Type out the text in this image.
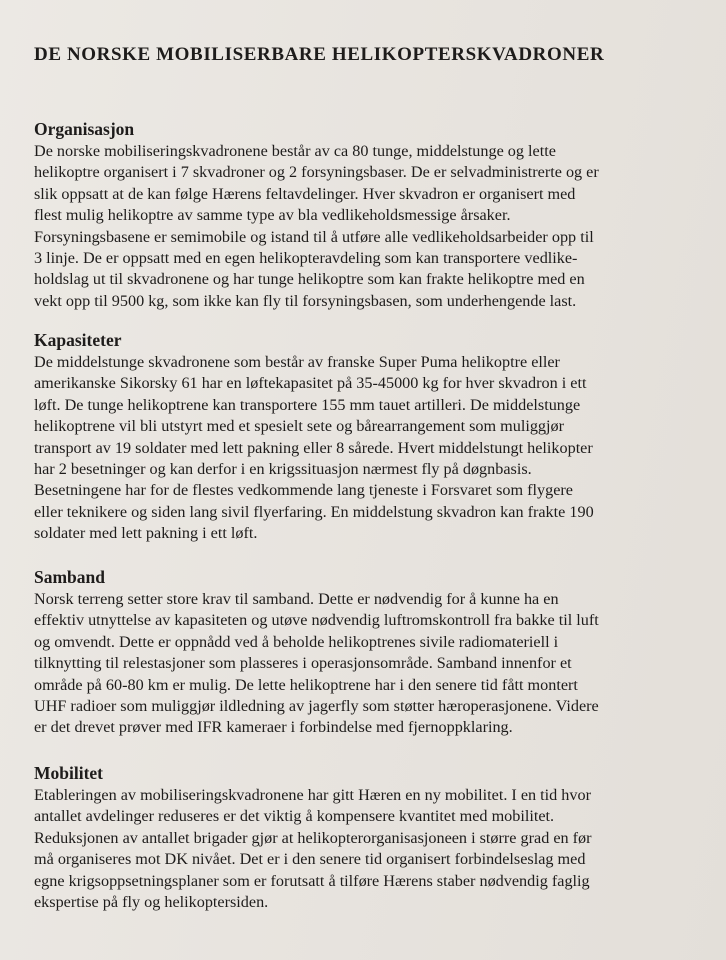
DE NORSKE MOBILISERBARE HELIKOPTERSKVADRONER
Organisasjon

De norske mobiliseringskvadronene består av ca 80 tunge, middelstunge og lette
helikoptre organisert i 7 skvadroner og 2 forsyningsbaser. De er selvadministrerte og er
slik oppsatt at de kan følge Hærens feltavdelinger. Hver skvadron er organisert med
flest mulig helikoptre av samme type av bla vedlikeholdsmessige årsaker.
Forsyningsbasene er semimobile og istand til å utføre alle vedlikeholdsarbeider opp til
3 linje. De er oppsatt med en egen helikopteravdeling som kan transportere vedlike-
holdslag ut til skvadronene og har tunge helikoptre som kan frakte helikoptre med en
vekt opp til 9500 kg, som ikke kan fly til forsyningsbasen, som underhengende last.

Kapasiteter

De middelstunge skvadronene som består av franske Super Puma helikoptre eller
amerikanske Sikorsky 61 har en løftekapasitet på 35-45000 kg for hver skvadron i ett
løft. De tunge helikoptrene kan transportere 155 mm tauet artilleri. De middelstunge
helikoptrene vil bli utstyrt med et spesielt sete og bårearrangement som muliggjør
transport av 19 soldater med lett pakning eller 8 sårede. Hvert middelstungt helikopter
har 2 besetninger og kan derfor i en krigssituasjon nærmest fly på døgnbasis.
Besetningene har for de flestes vedkommende lang tjeneste i Forsvaret som flygere
eller teknikere og siden lang sivil flyerfaring. En middelstung skvadron kan frakte 190
soldater med lett pakning i ett løft.

Samband

Norsk terreng setter store krav til samband. Dette er nødvendig for å kunne ha en
effektiv utnyttelse av kapasiteten og utøve nødvendig luftromskontroll fra bakke til luft
og omvendt. Dette er oppnådd ved å beholde helikoptrenes sivile radiomateriell i
tilknytting til relestasjoner som plasseres i operasjonsområde. Samband innenfor et
område på 60-80 km er mulig. De lette helikoptrene har i den senere tid fått montert
UHF radioer som muliggjør ildledning av jagerfly som støtter hæroperasjonene. Videre
er det drevet prøver med IFR kameraer i forbindelse med fjernoppklaring.

Mobilitet

Etableringen av mobiliseringskvadronene har gitt Hæren en ny mobilitet. I en tid hvor
antallet avdelinger reduseres er det viktig å kompensere kvantitet med mobilitet.
Reduksjonen av antallet brigader gjør at helikopterorganisasjoneen i større grad en før
må organiseres mot DK nivået. Det er i den senere tid organisert forbindelseslag med
egne krigsoppsetningsplaner som er forutsatt å tilføre Hærens staber nødvendig faglig
ekspertise på fly og helikoptersiden.
